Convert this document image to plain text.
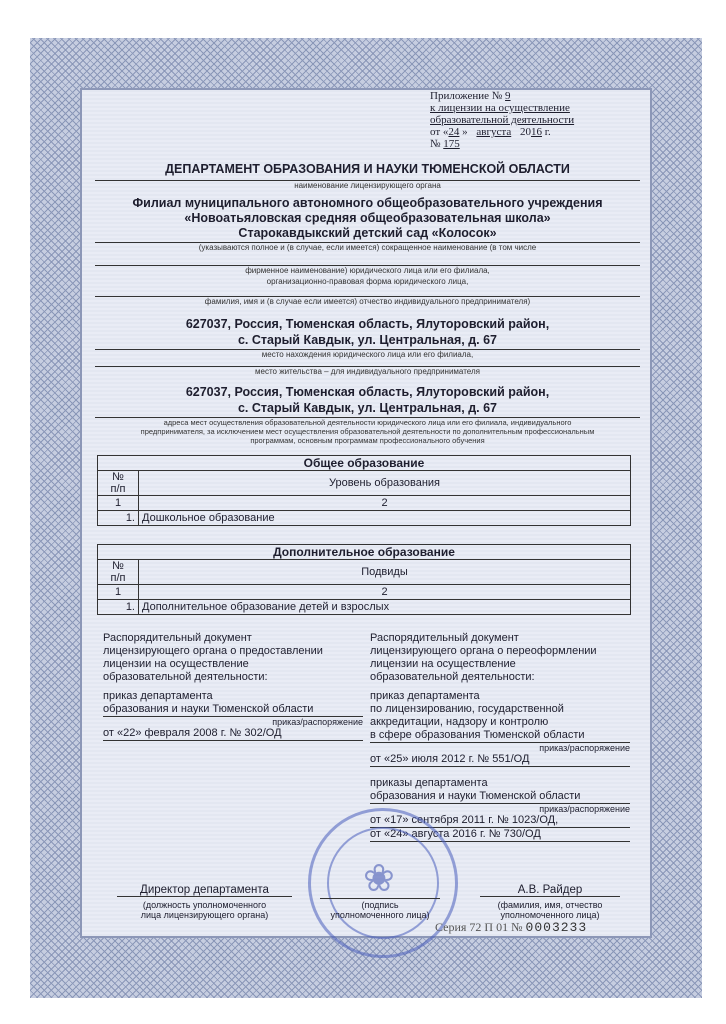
Приложение № 9
к лицензии на осуществление
образовательной деятельности
от «24 » августа 2016 г.
№ 175
ДЕПАРТАМЕНТ ОБРАЗОВАНИЯ И НАУКИ ТЮМЕНСКОЙ ОБЛАСТИ
наименование лицензирующего органа
Филиал муниципального автономного общеобразовательного учреждения
«Новоатьяловская средняя общеобразовательная школа»
Старокавдыкский детский сад «Колосок»
(указываются полное и (в случае, если имеется) сокращенное наименование (в том числе
фирменное наименование) юридического лица или его филиала,
организационно-правовая форма юридического лица,
фамилия, имя и (в случае если имеется) отчество индивидуального предпринимателя)
627037, Россия, Тюменская область, Ялуторовский район,
с. Старый Кавдык, ул. Центральная, д. 67
место нахождения юридического лица или его филиала,
место жительства – для индивидуального предпринимателя
627037, Россия, Тюменская область, Ялуторовский район,
с. Старый Кавдык, ул. Центральная, д. 67
адреса мест осуществления образовательной деятельности юридического лица или его филиала, индивидуального
предпринимателя, за исключением мест осуществления образовательной деятельности по дополнительным профессиональным
программам, основным программам профессионального обучения
Общее образование	

№
п/п	Уровень образования
1	2
1.	Дошкольное образование
Дополнительное образование	

№
п/п	Подвиды
1	2
1.	Дополнительное образование детей и взрослых
Распорядительный документ
лицензирующего органа о предоставлении
лицензии на осуществление
образовательной деятельности:
приказ департамента
образования и науки Тюменской области
приказ/распоряжение
от «22» февраля 2008 г. № 302/ОД
Распорядительный документ
лицензирующего органа о переоформлении
лицензии на осуществление
образовательной деятельности:
приказ департамента
по лицензированию, государственной
аккредитации, надзору и контролю
в сфере образования Тюменской области
приказ/распоряжение
от «25» июля 2012 г. № 551/ОД
приказы департамента
образования и науки Тюменской области
приказ/распоряжение
от «17» сентября 2011 г. № 1023/ОД,
от «24» августа 2016 г. № 730/ОД
❀
Директор департамента
(должность уполномоченного
лица лицензирующего органа)
(подпись
уполномоченного лица)
А.В. Райдер
(фамилия, имя, отчество
уполномоченного лица)
Серия 72 П 01 № 0003233
